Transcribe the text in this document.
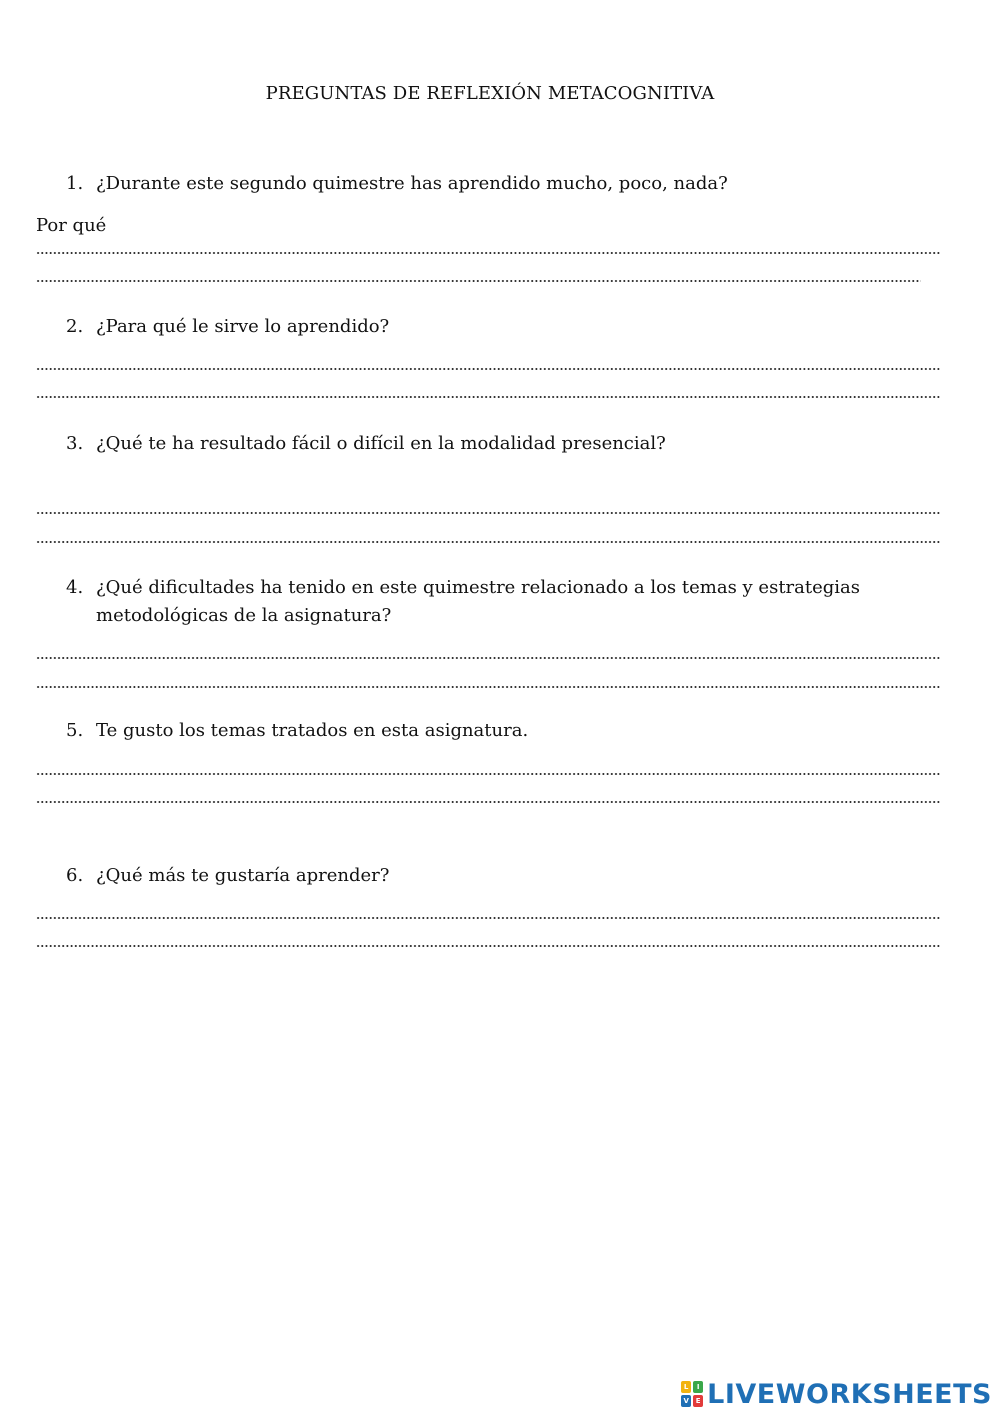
PREGUNTAS DE REFLEXIÓN METACOGNITIVA
1. ¿Durante este segundo quimestre has aprendido mucho, poco, nada?
Por qué
2. ¿Para qué le sirve lo aprendido?
3. ¿Qué te ha resultado fácil o difícil en la modalidad presencial?
4.¿Qué dificultades ha tenido en este quimestre relacionado a los temas y estrategias
metodológicas de la asignatura?
5. Te gusto los temas tratados en esta asignatura.
6.¿Qué más te gustaría aprender?
L	I
V E LIVEWORKSHEETS
